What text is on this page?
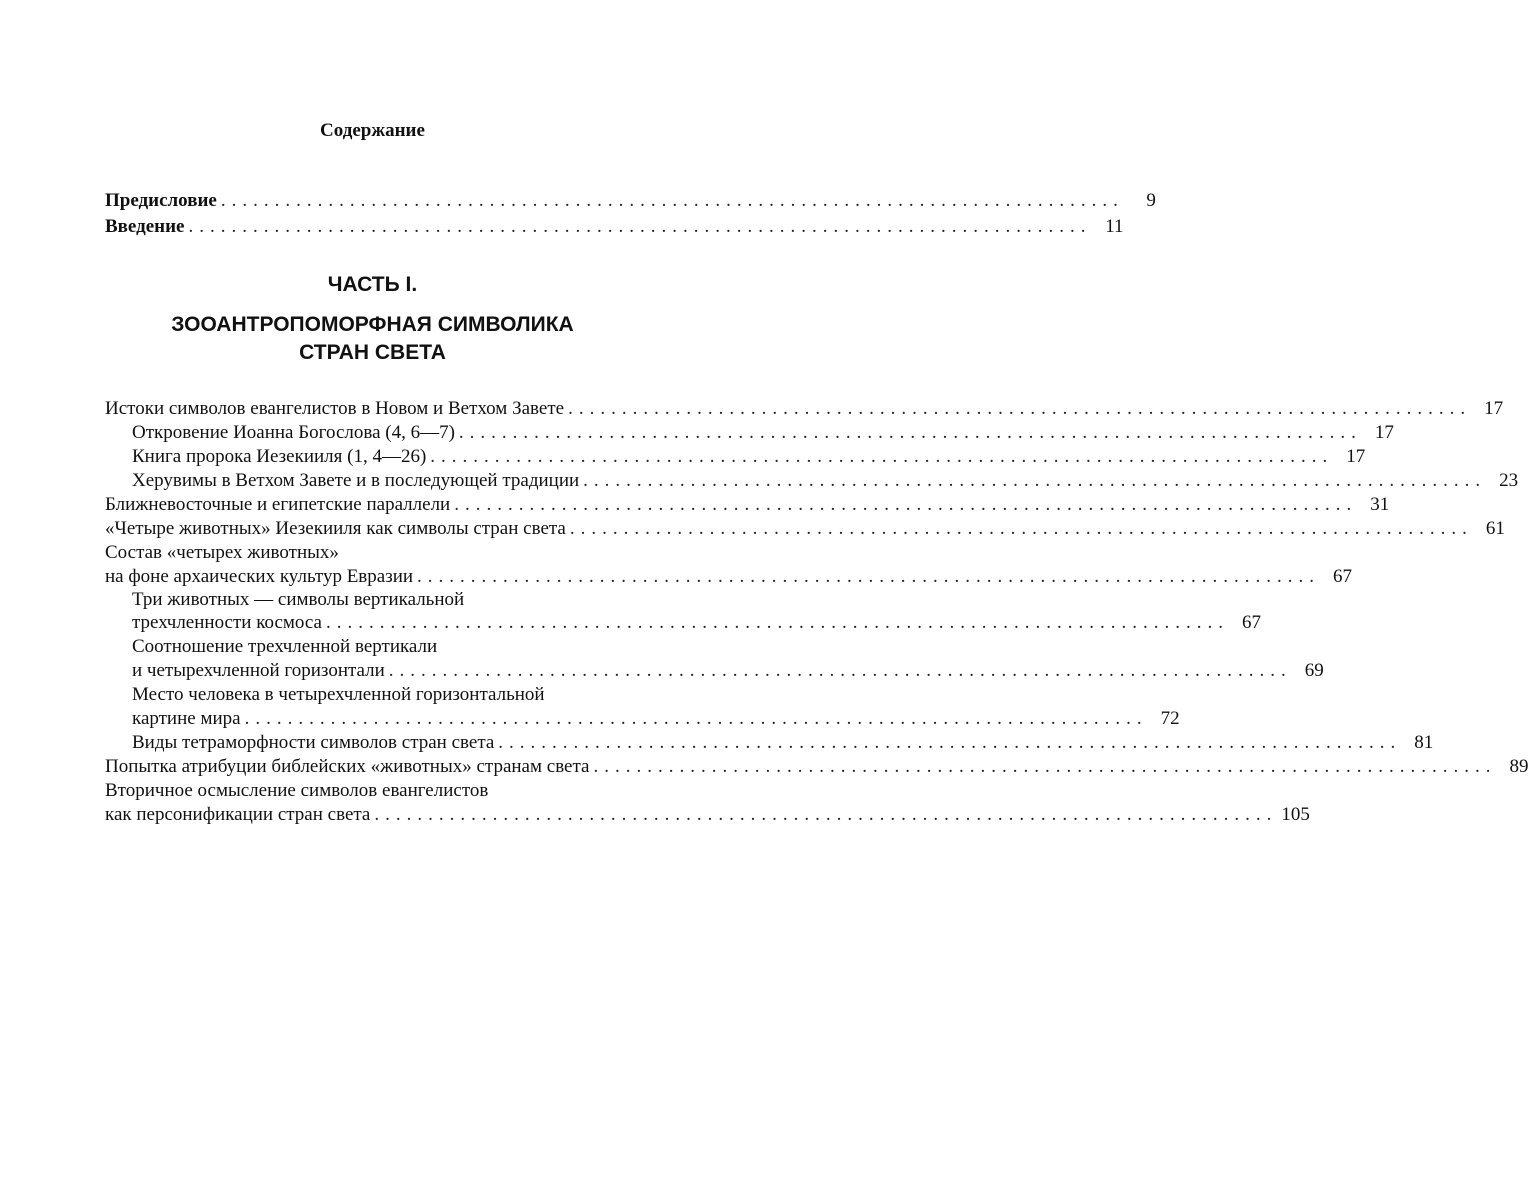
Содержание
Предисловие ....................................................................................	9
Введение .................................................................................... 11
ЧАСТЬ I.
ЗООАНТРОПОМОРФНАЯ СИМВОЛИКА
СТРАН СВЕТА
Истоки символов евангелистов в Новом и Ветхом Завете .................................................................................... 17
Откровение Иоанна Богослова (4, 6—7) .................................................................................... 17
Книга пророка Иезекииля (1, 4—26) .................................................................................... 17
Херувимы в Ветхом Завете и в последующей традиции .................................................................................... 23
Ближневосточные и египетские параллели .................................................................................... 31
«Четыре животных» Иезекииля как символы стран света .................................................................................... 61
Состав «четырех животных»
на фоне архаических культур Евразии .................................................................................... 67
Три животных — символы вертикальной
трехчленности космоса .................................................................................... 67
Соотношение трехчленной вертикали
и четырехчленной горизонтали .................................................................................... 69
Место человека в четырехчленной горизонтальной
картине мира .................................................................................... 72
Виды тетраморфности символов стран света .................................................................................... 81
Попытка атрибуции библейских «животных» странам света .................................................................................... 89
Вторичное осмысление символов евангелистов
как персонификации стран света .................................................................................... 105
